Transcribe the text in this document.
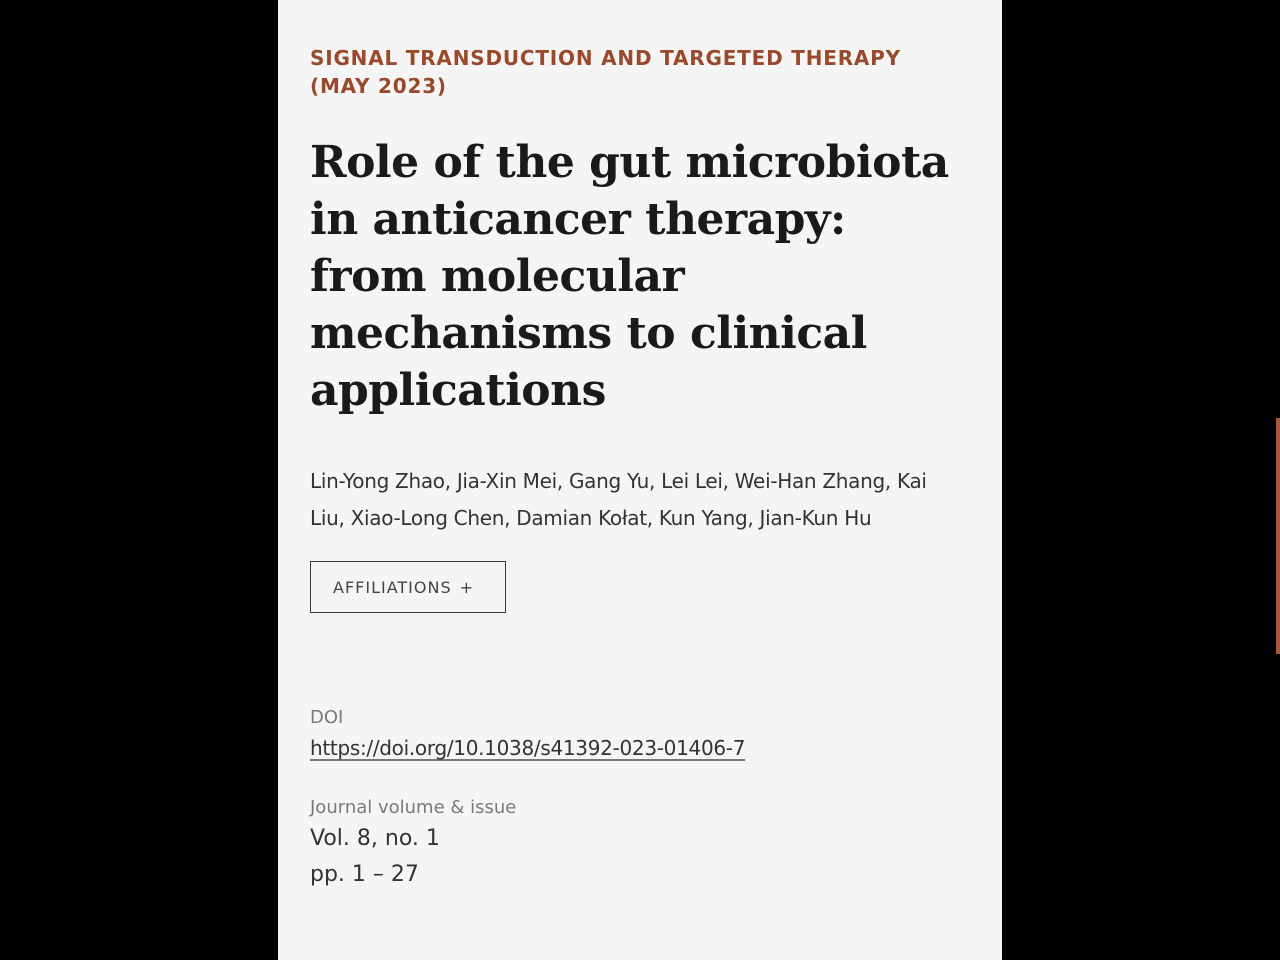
SIGNAL TRANSDUCTION AND TARGETED THERAPY (MAY 2023)

Role of the gut microbiota in anticancer therapy: from molecular mechanisms to clinical applications

Lin-Yong Zhao, Jia-Xin Mei, Gang Yu, Lei Lei, Wei-Han Zhang, Kai Liu, Xiao-Long Chen, Damian Kołat, Kun Yang, Jian-Kun Hu

AFFILIATIONS +

DOI

https://doi.org/10.1038/s41392-023-01406-7

Journal volume & issue

Vol. 8, no. 1

pp. 1 – 27
